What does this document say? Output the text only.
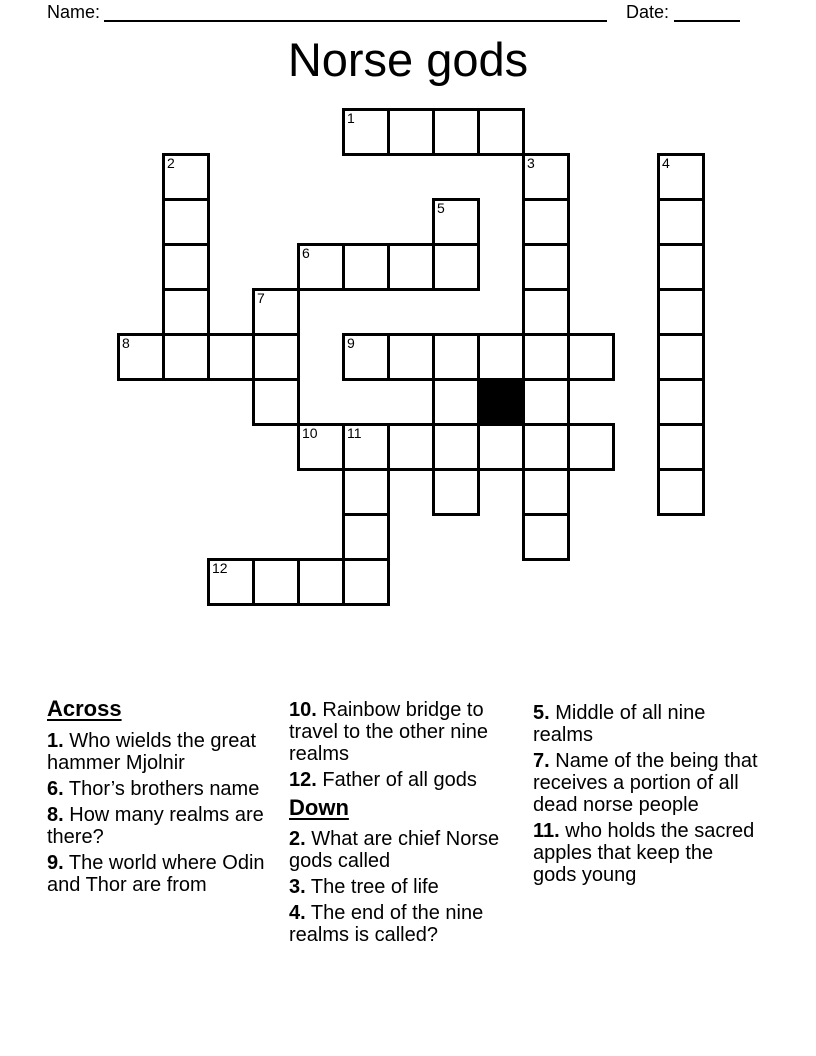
Name:	Date:
Norse gods
1
2	3	4
5
6
7
8	9
10 11
12
Across

1. Who wields the great hammer Mjolnir

6. Thor’s brothers name

8. How many realms are there?

9. The world where Odin and Thor are from

10. Rainbow bridge to travel to the other nine realms

12. Father of all gods

Down

2. What are chief Norse gods called

3. The tree of life

4. The end of the nine realms is called?

5. Middle of all nine realms

7. Name of the being that receives a portion of all dead norse people

11. who holds the sacred apples that keep the gods young
